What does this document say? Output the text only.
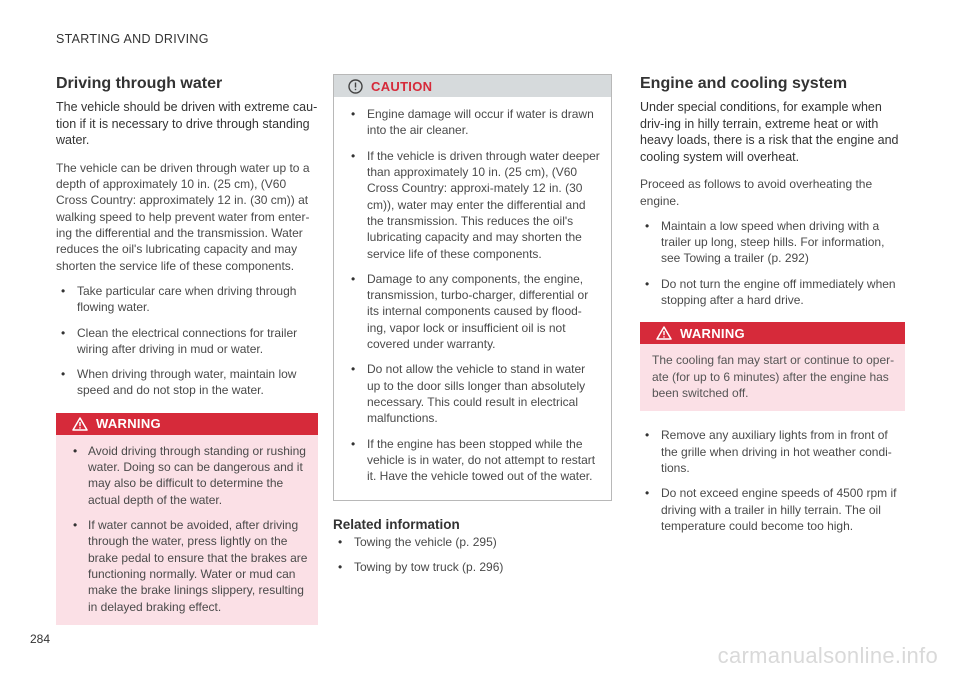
STARTING AND DRIVING
Driving through water

The vehicle should be driven with extreme cau-tion if it is necessary to drive through standing water.

The vehicle can be driven through water up to a depth of approximately 10 in. (25 cm), (V60 Cross Country: approximately 12 in. (30 cm)) at walking speed to help prevent water from enter-ing the differential and the transmission. Water reduces the oil's lubricating capacity and may shorten the service life of these components.

• Take particular care when driving through flowing water.
• Clean the electrical connections for trailer wiring after driving in mud or water.
• When driving through water, maintain low speed and do not stop in the water.
WARNING
• Avoid driving through standing or rushing water. Doing so can be dangerous and it may also be difficult to determine the actual depth of the water.
• If water cannot be avoided, after driving through the water, press lightly on the brake pedal to ensure that the brakes are functioning normally. Water or mud can make the brake linings slippery, resulting in delayed braking effect.
CAUTION
• Engine damage will occur if water is drawn into the air cleaner.
• If the vehicle is driven through water deeper than approximately 10 in. (25 cm), (V60 Cross Country: approxi-mately 12 in. (30 cm)), water may enter the differential and the transmission. This reduces the oil's lubricating capacity and may shorten the service life of these components.
• Damage to any components, the engine, transmission, turbo-charger, differential or its internal components caused by flood-ing, vapor lock or insufficient oil is not covered under warranty.
• Do not allow the vehicle to stand in water up to the door sills longer than absolutely necessary. This could result in electrical malfunctions.
• If the engine has been stopped while the vehicle is in water, do not attempt to restart it. Have the vehicle towed out of the water.
Related information
• Towing the vehicle (p. 295)
• Towing by tow truck (p. 296)
Engine and cooling system

Under special conditions, for example when driv-ing in hilly terrain, extreme heat or with heavy loads, there is a risk that the engine and cooling system will overheat.

Proceed as follows to avoid overheating the engine.

• Maintain a low speed when driving with a trailer up long, steep hills. For information, see Towing a trailer (p. 292)
• Do not turn the engine off immediately when stopping after a hard drive.
WARNING

The cooling fan may start or continue to oper-ate (for up to 6 minutes) after the engine has been switched off.

• Remove any auxiliary lights from in front of the grille when driving in hot weather condi-tions.
• Do not exceed engine speeds of 4500 rpm if driving with a trailer in hilly terrain. The oil temperature could become too high.
284
carmanualsonline.info
